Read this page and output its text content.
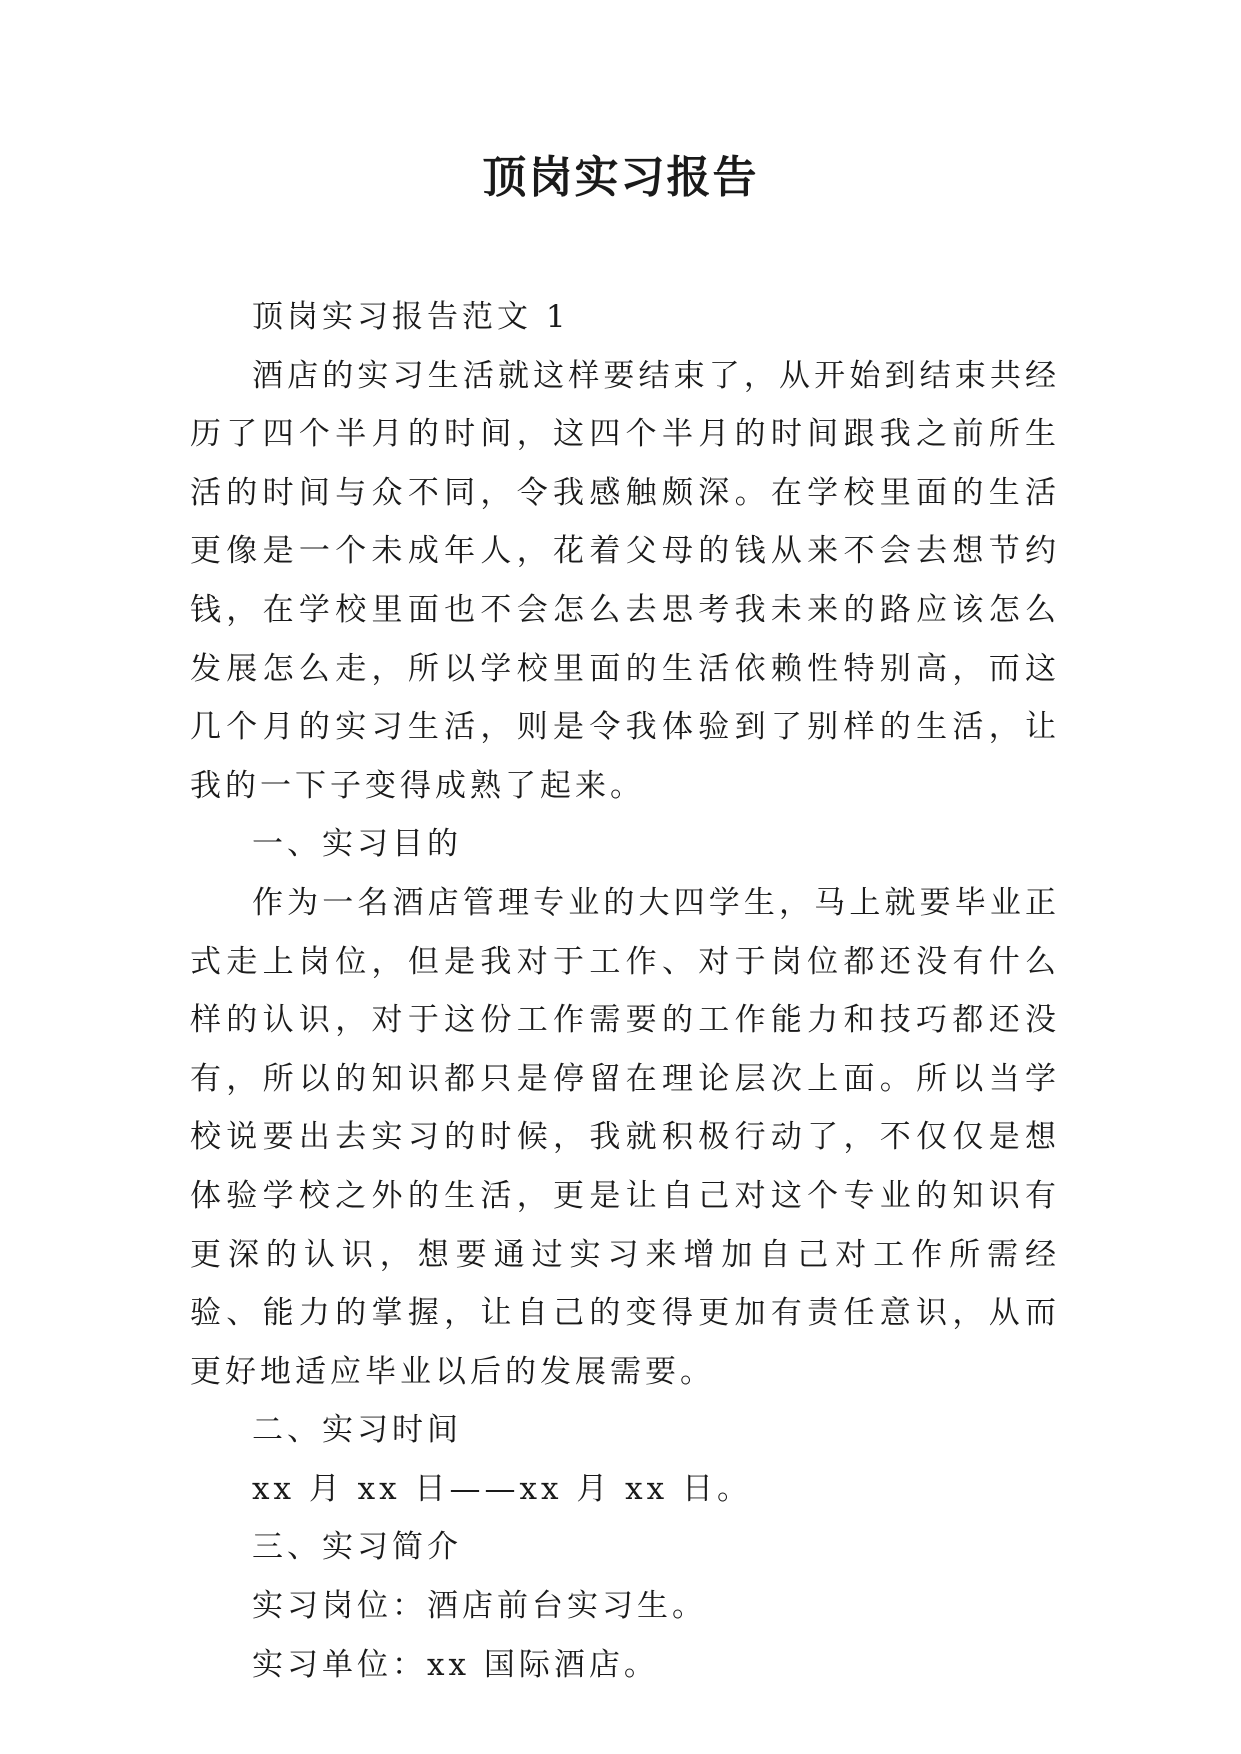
顶岗实习报告

顶岗实习报告范文 1

酒店的实习生活就这样要结束了，从开始到结束共经历了四个半月的时间，这四个半月的时间跟我之前所生活的时间与众不同，令我感触颇深。在学校里面的生活更像是一个未成年人，花着父母的钱从来不会去想节约钱，在学校里面也不会怎么去思考我未来的路应该怎么发展怎么走，所以学校里面的生活依赖性特别高，而这几个月的实习生活，则是令我体验到了别样的生活，让我的一下子变得成熟了起来。

一、实习目的

作为一名酒店管理专业的大四学生，马上就要毕业正式走上岗位，但是我对于工作、对于岗位都还没有什么样的认识，对于这份工作需要的工作能力和技巧都还没有，所以的知识都只是停留在理论层次上面。所以当学校说要出去实习的时候，我就积极行动了，不仅仅是想体验学校之外的生活，更是让自己对这个专业的知识有更深的认识，想要通过实习来增加自己对工作所需经验、能力的掌握，让自己的变得更加有责任意识，从而更好地适应毕业以后的发展需要。

二、实习时间

xx 月 xx 日——xx 月 xx 日。

三、实习简介

实习岗位：酒店前台实习生。

实习单位：xx 国际酒店。
